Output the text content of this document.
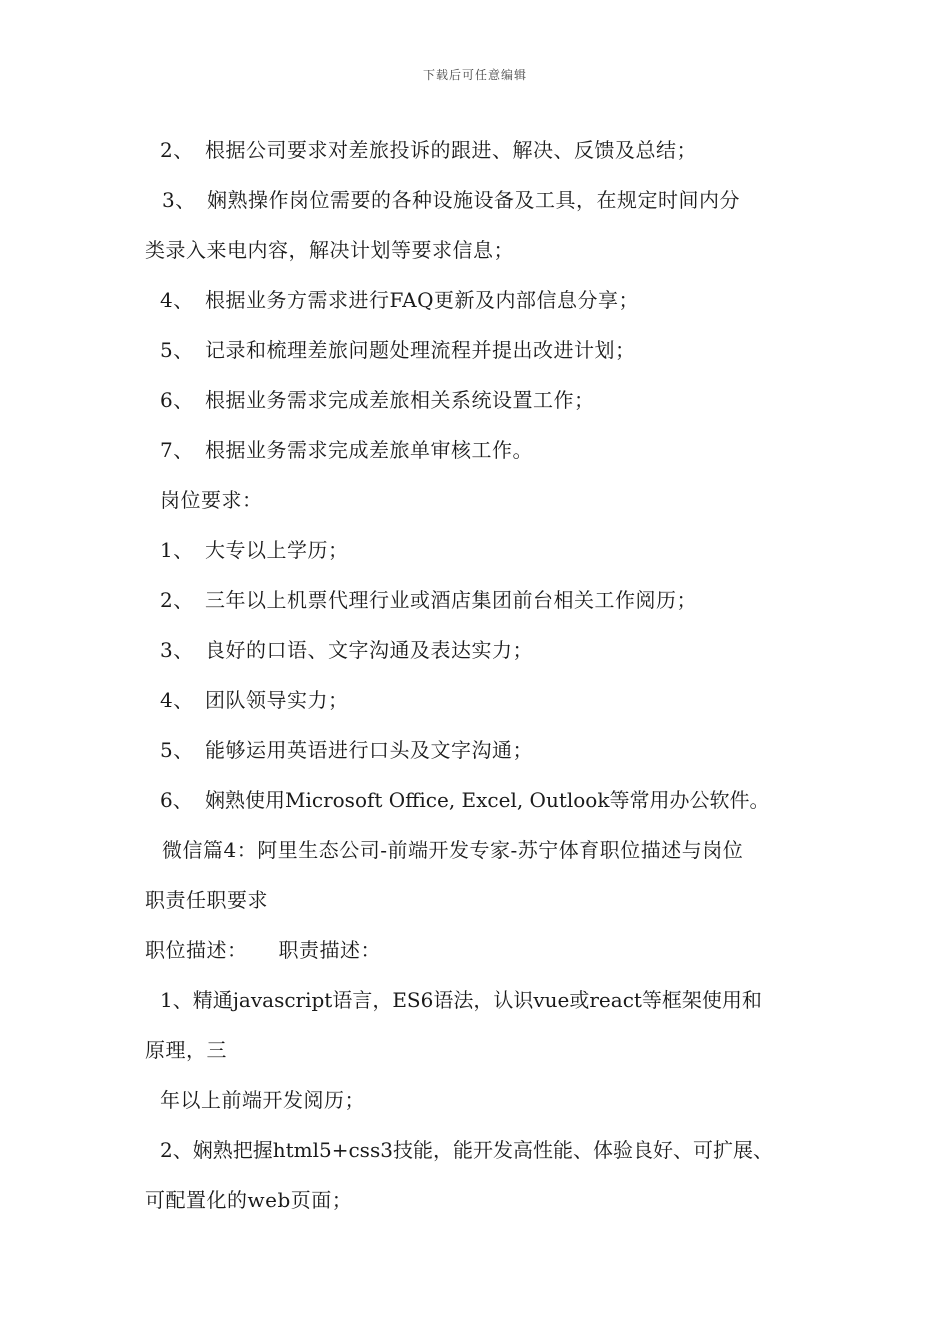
下载后可任意编辑
2、 根据公司要求对差旅投诉的跟进、解决、反馈及总结；
3、 娴熟操作岗位需要的各种设施设备及工具，在规定时间内分
类录入来电内容，解决计划等要求信息；
4、 根据业务方需求进行FAQ更新及内部信息分享；
5、 记录和梳理差旅问题处理流程并提出改进计划；
6、 根据业务需求完成差旅相关系统设置工作；
7、 根据业务需求完成差旅单审核工作。
岗位要求：
1、 大专以上学历；
2、 三年以上机票代理行业或酒店集团前台相关工作阅历；
3、 良好的口语、文字沟通及表达实力；
4、 团队领导实力；
5、 能够运用英语进行口头及文字沟通；
6、 娴熟使用Microsoft Office, Excel, Outlook等常用办公软件。
微信篇4：阿里生态公司-前端开发专家-苏宁体育职位描述与岗位
职责任职要求
职位描述：　　职责描述：
1、精通javascript语言，ES6语法，认识vue或react等框架使用和
原理，三
年以上前端开发阅历；
2、娴熟把握html5+css3技能，能开发高性能、体验良好、可扩展、
可配置化的web页面；
